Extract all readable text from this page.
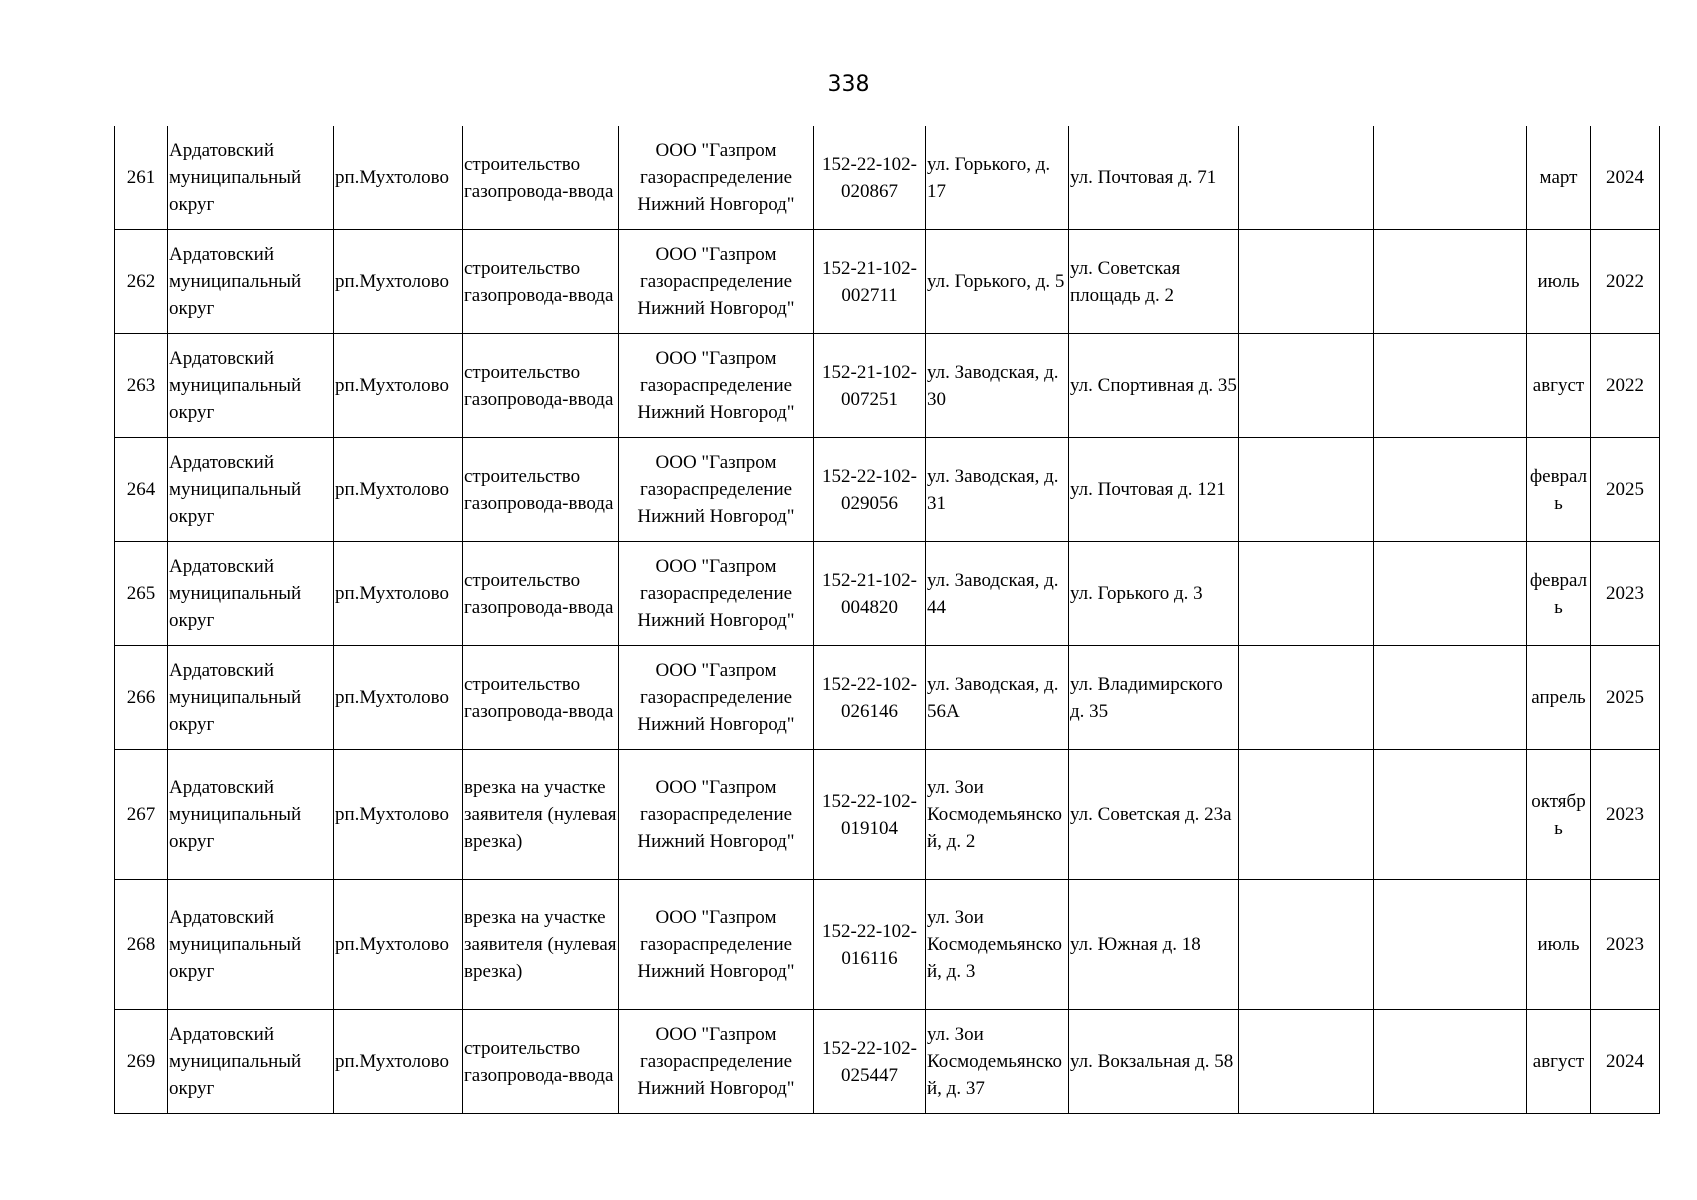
338
261	Ардатовский муниципальный округ	рп.Мухтолово	строительство газопровода-ввода	ООО "Газпром газораспределение Нижний Новгород"	152-22-102-020867	ул. Горького, д. 17	ул. Почтовая д. 71			март	2024
262	Ардатовский муниципальный округ	рп.Мухтолово	строительство газопровода-ввода	ООО "Газпром газораспределение Нижний Новгород"	152-21-102-002711	ул. Горького, д. 5	ул. Советская площадь д. 2			июль	2022
263	Ардатовский муниципальный округ	рп.Мухтолово	строительство газопровода-ввода	ООО "Газпром газораспределение Нижний Новгород"	152-21-102-007251	ул. Заводская, д. 30	ул. Спортивная д. 35			август	2022
264	Ардатовский муниципальный округ	рп.Мухтолово	строительство газопровода-ввода	ООО "Газпром газораспределение Нижний Новгород"	152-22-102-029056	ул. Заводская, д. 31	ул. Почтовая д. 121			февраль	2025
265	Ардатовский муниципальный округ	рп.Мухтолово	строительство газопровода-ввода	ООО "Газпром газораспределение Нижний Новгород"	152-21-102-004820	ул. Заводская, д. 44	ул. Горького д. 3			февраль	2023
266	Ардатовский муниципальный округ	рп.Мухтолово	строительство газопровода-ввода	ООО "Газпром газораспределение Нижний Новгород"	152-22-102-026146	ул. Заводская, д. 56А	ул. Владимирского д. 35			апрель	2025
267	Ардатовский муниципальный округ	рп.Мухтолово	врезка на участке заявителя (нулевая врезка)	ООО "Газпром газораспределение Нижний Новгород"	152-22-102-019104	ул. Зои Космодемьянской, д. 2	ул. Советская д. 23а			октябрь	2023
268	Ардатовский муниципальный округ	рп.Мухтолово	врезка на участке заявителя (нулевая врезка)	ООО "Газпром газораспределение Нижний Новгород"	152-22-102-016116	ул. Зои Космодемьянской, д. 3	ул. Южная д. 18			июль	2023
269	Ардатовский муниципальный округ	рп.Мухтолово	строительство газопровода-ввода	ООО "Газпром газораспределение Нижний Новгород"	152-22-102-025447	ул. Зои Космодемьянской, д. 37	ул. Вокзальная д. 58			август	2024
